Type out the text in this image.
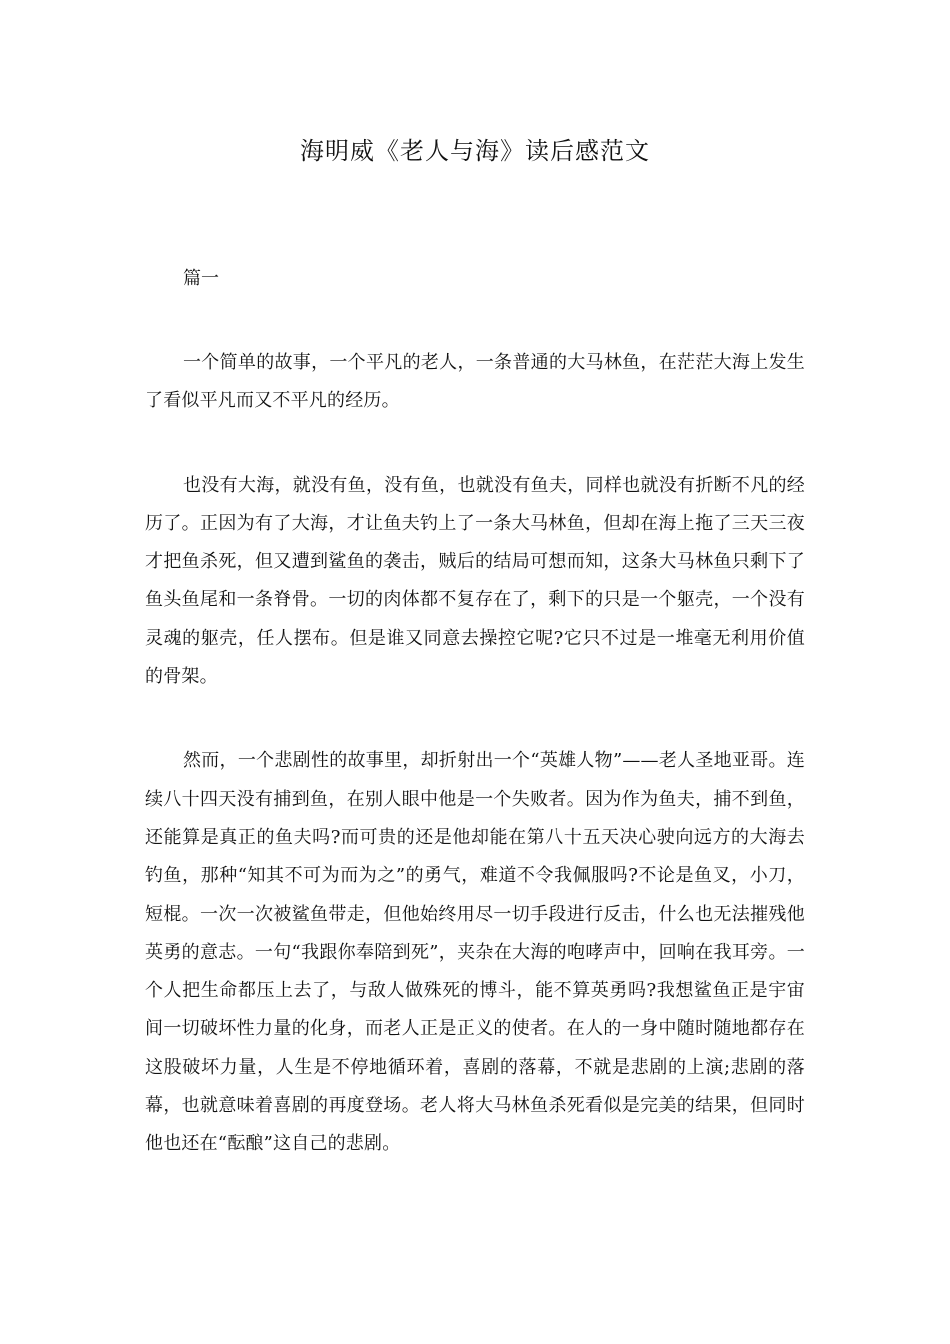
海明威《老人与海》读后感范文

篇一

一个简单的故事，一个平凡的老人，一条普通的大马林鱼，在茫茫大海上发生了看似平凡而又不平凡的经历。

也没有大海，就没有鱼，没有鱼，也就没有鱼夫，同样也就没有折断不凡的经历了。正因为有了大海，才让鱼夫钓上了一条大马林鱼，但却在海上拖了三天三夜才把鱼杀死，但又遭到鲨鱼的袭击，贼后的结局可想而知，这条大马林鱼只剩下了鱼头鱼尾和一条脊骨。一切的肉体都不复存在了，剩下的只是一个躯壳，一个没有灵魂的躯壳，任人摆布。但是谁又同意去操控它呢?它只不过是一堆毫无利用价值的骨架。

然而，一个悲剧性的故事里，却折射出一个“英雄人物”——老人圣地亚哥。连续八十四天没有捕到鱼，在别人眼中他是一个失败者。因为作为鱼夫，捕不到鱼，还能算是真正的鱼夫吗?而可贵的还是他却能在第八十五天决心驶向远方的大海去钓鱼，那种“知其不可为而为之”的勇气，难道不令我佩服吗?不论是鱼叉，小刀，短棍。一次一次被鲨鱼带走，但他始终用尽一切手段进行反击，什么也无法摧残他英勇的意志。一句“我跟你奉陪到死”，夹杂在大海的咆哮声中，回响在我耳旁。一个人把生命都压上去了，与敌人做殊死的博斗，能不算英勇吗?我想鲨鱼正是宇宙间一切破坏性力量的化身，而老人正是正义的使者。在人的一身中随时随地都存在这股破坏力量，人生是不停地循环着，喜剧的落幕，不就是悲剧的上演;悲剧的落幕，也就意味着喜剧的再度登场。老人将大马林鱼杀死看似是完美的结果，但同时他也还在“酝酿”这自己的悲剧。
